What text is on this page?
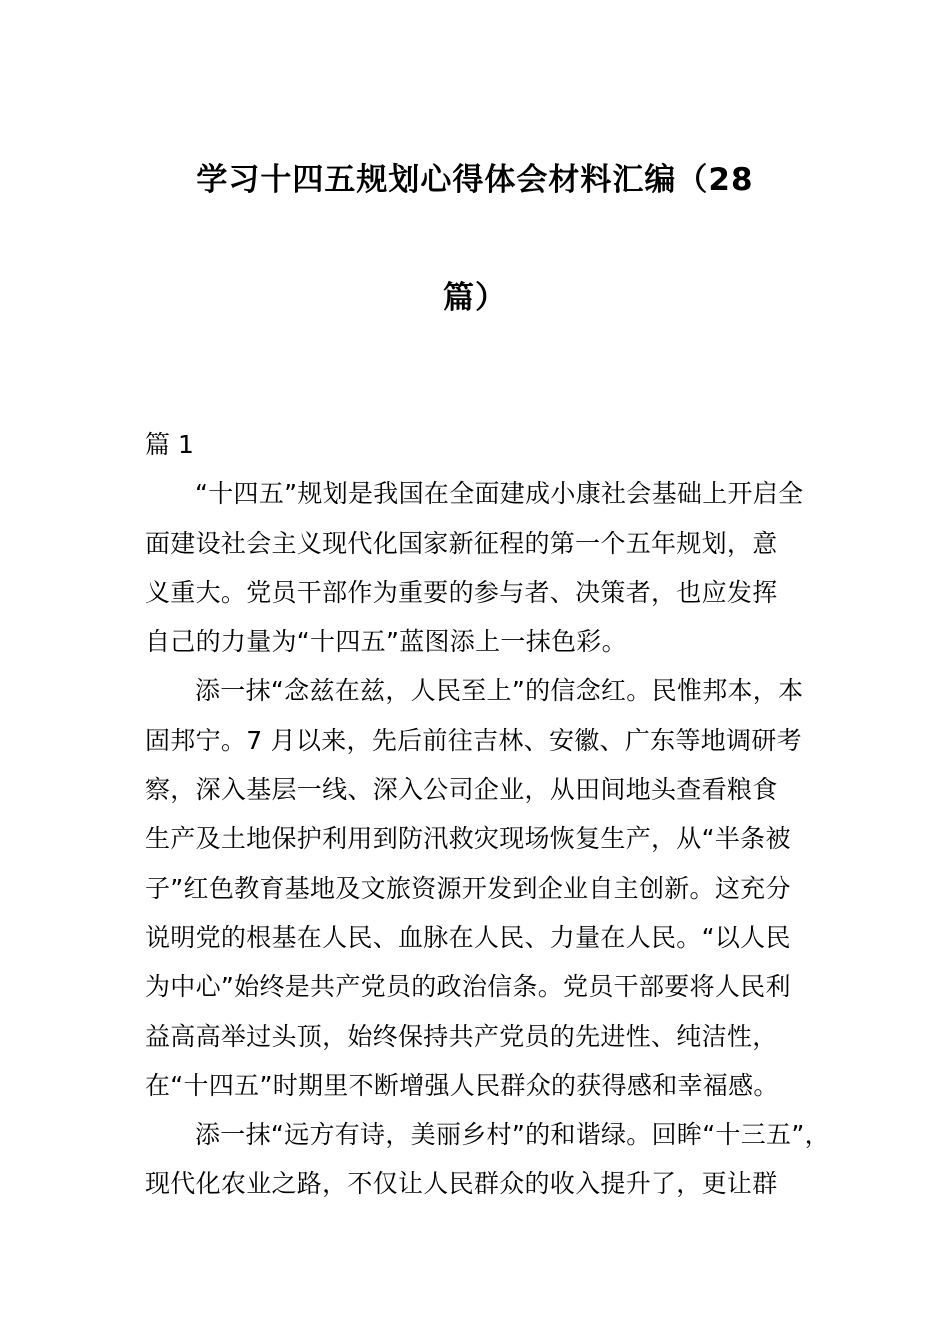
学习十四五规划心得体会材料汇编（28
篇）

篇 1

“十四五”规划是我国在全面建成小康社会基础上开启全
面建设社会主义现代化国家新征程的第一个五年规划，意
义重大。党员干部作为重要的参与者、决策者，也应发挥
自己的力量为“十四五”蓝图添上一抹色彩。

添一抹“念兹在兹，人民至上”的信念红。民惟邦本，本
固邦宁。7 月以来，先后前往吉林、安徽、广东等地调研考
察，深入基层一线、深入公司企业，从田间地头查看粮食
生产及土地保护利用到防汛救灾现场恢复生产，从“半条被
子”红色教育基地及文旅资源开发到企业自主创新。这充分
说明党的根基在人民、血脉在人民、力量在人民。“以人民
为中心”始终是共产党员的政治信条。党员干部要将人民利
益高高举过头顶，始终保持共产党员的先进性、纯洁性，
在“十四五”时期里不断增强人民群众的获得感和幸福感。

添一抹“远方有诗，美丽乡村”的和谐绿。回眸“十三五”，
现代化农业之路，不仅让人民群众的收入提升了，更让群
